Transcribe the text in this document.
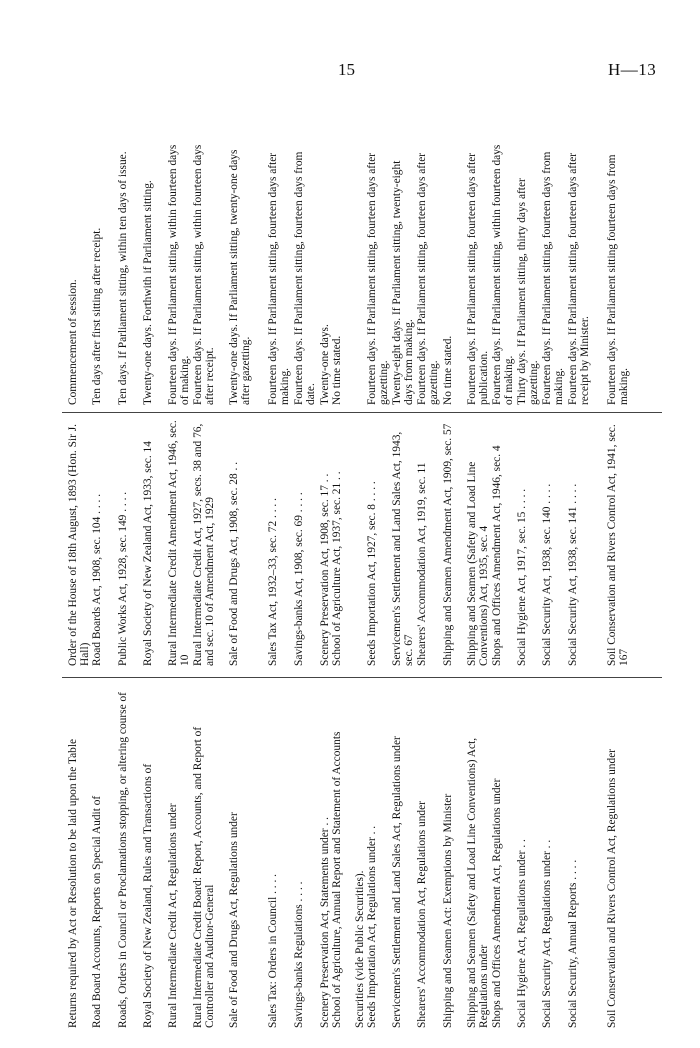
15	H—13
Returns required by Act or Resolution to be laid upon the Table
Order of the House of 18th August, 1893 (Hon. Sir J. Hall)
Commencement of session.
Road Board Accounts, Reports on Special Audit of
Road Boards Act, 1908, sec. 104 . . . .
Ten days after first sitting after receipt.
Roads, Orders in Council or Proclamations stopping, or altering course of
Public Works Act, 1928, sec. 149 . . . .
Ten days. If Parliament sitting, within ten days of issue.
Royal Society of New Zealand, Rules and Transactions of
Royal Society of New Zealand Act, 1933, sec. 14
Twenty-one days. Forthwith if Parliament sitting.
Rural Intermediate Credit Act, Regulations under
Rural Intermediate Credit Amendment Act, 1946, sec. 10
Fourteen days. If Parliament sitting, within fourteen days of making.
Rural Intermediate Credit Board: Report, Accounts, and Report of Controller and Auditor-General
Rural Intermediate Credit Act, 1927, secs. 38 and 76, and sec. 10 of Amendment Act, 1929
Fourteen days. If Parliament sitting, within fourteen days after receipt.
Sale of Food and Drugs Act, Regulations under
Sale of Food and Drugs Act, 1908, sec. 28 . .
Twenty-one days. If Parliament sitting, twenty-one days after gazetting.
Sales Tax: Orders in Council . . . .
Sales Tax Act, 1932–33, sec. 72 . . . .
Fourteen days. If Parliament sitting, fourteen days after making.
Savings-banks Regulations . . . .
Savings-banks Act, 1908, sec. 69 . . . .
Fourteen days. If Parliament sitting, fourteen days from date.
Scenery Preservation Act, Statements under . .
Scenery Preservation Act, 1908, sec. 17 . .
Twenty-one days.
School of Agriculture, Annual Report and Statement of Accounts
School of Agriculture Act, 1937, sec. 21 . .
No time stated.
Securities (vide Public Securities). Seeds Importation Act, Regulations under . .
Seeds Importation Act, 1927, sec. 8 . . . .
Fourteen days. If Parliament sitting, fourteen days after gazetting.
Servicemen's Settlement and Land Sales Act, Regulations under
Servicemen's Settlement and Land Sales Act, 1943, sec. 67
Twenty-eight days. If Parliament sitting, twenty-eight days from making.
Shearers' Accommodation Act, Regulations under
Shearers' Accommodation Act, 1919, sec. 11
Fourteen days. If Parliament sitting, fourteen days after gazetting.
Shipping and Seamen Act: Exemptions by Minister
Shipping and Seamen Amendment Act, 1909, sec. 57
No time stated.
Shipping and Seamen (Safety and Load Line Conventions) Act, Regulations under
Shipping and Seamen (Safety and Load Line Conventions) Act, 1935, sec. 4
Fourteen days. If Parliament sitting, fourteen days after publication.
Shops and Offices Amendment Act, Regulations under
Shops and Offices Amendment Act, 1946, sec. 4
Fourteen days. If Parliament sitting, within fourteen days of making.
Social Hygiene Act, Regulations under . .
Social Hygiene Act, 1917, sec. 15 . . . .
Thirty days. If Parliament sitting, thirty days after gazetting.
Social Security Act, Regulations under . .
Social Security Act, 1938, sec. 140 . . . .
Fourteen days. If Parliament sitting, fourteen days from making.
Social Security, Annual Reports . . . .
Social Security Act, 1938, sec. 141 . . . .
Fourteen days. If Parliament sitting, fourteen days after receipt by Minister.
Soil Conservation and Rivers Control Act, Regulations under
Soil Conservation and Rivers Control Act, 1941, sec. 167
Fourteen days. If Parliament sitting fourteen days from making.
